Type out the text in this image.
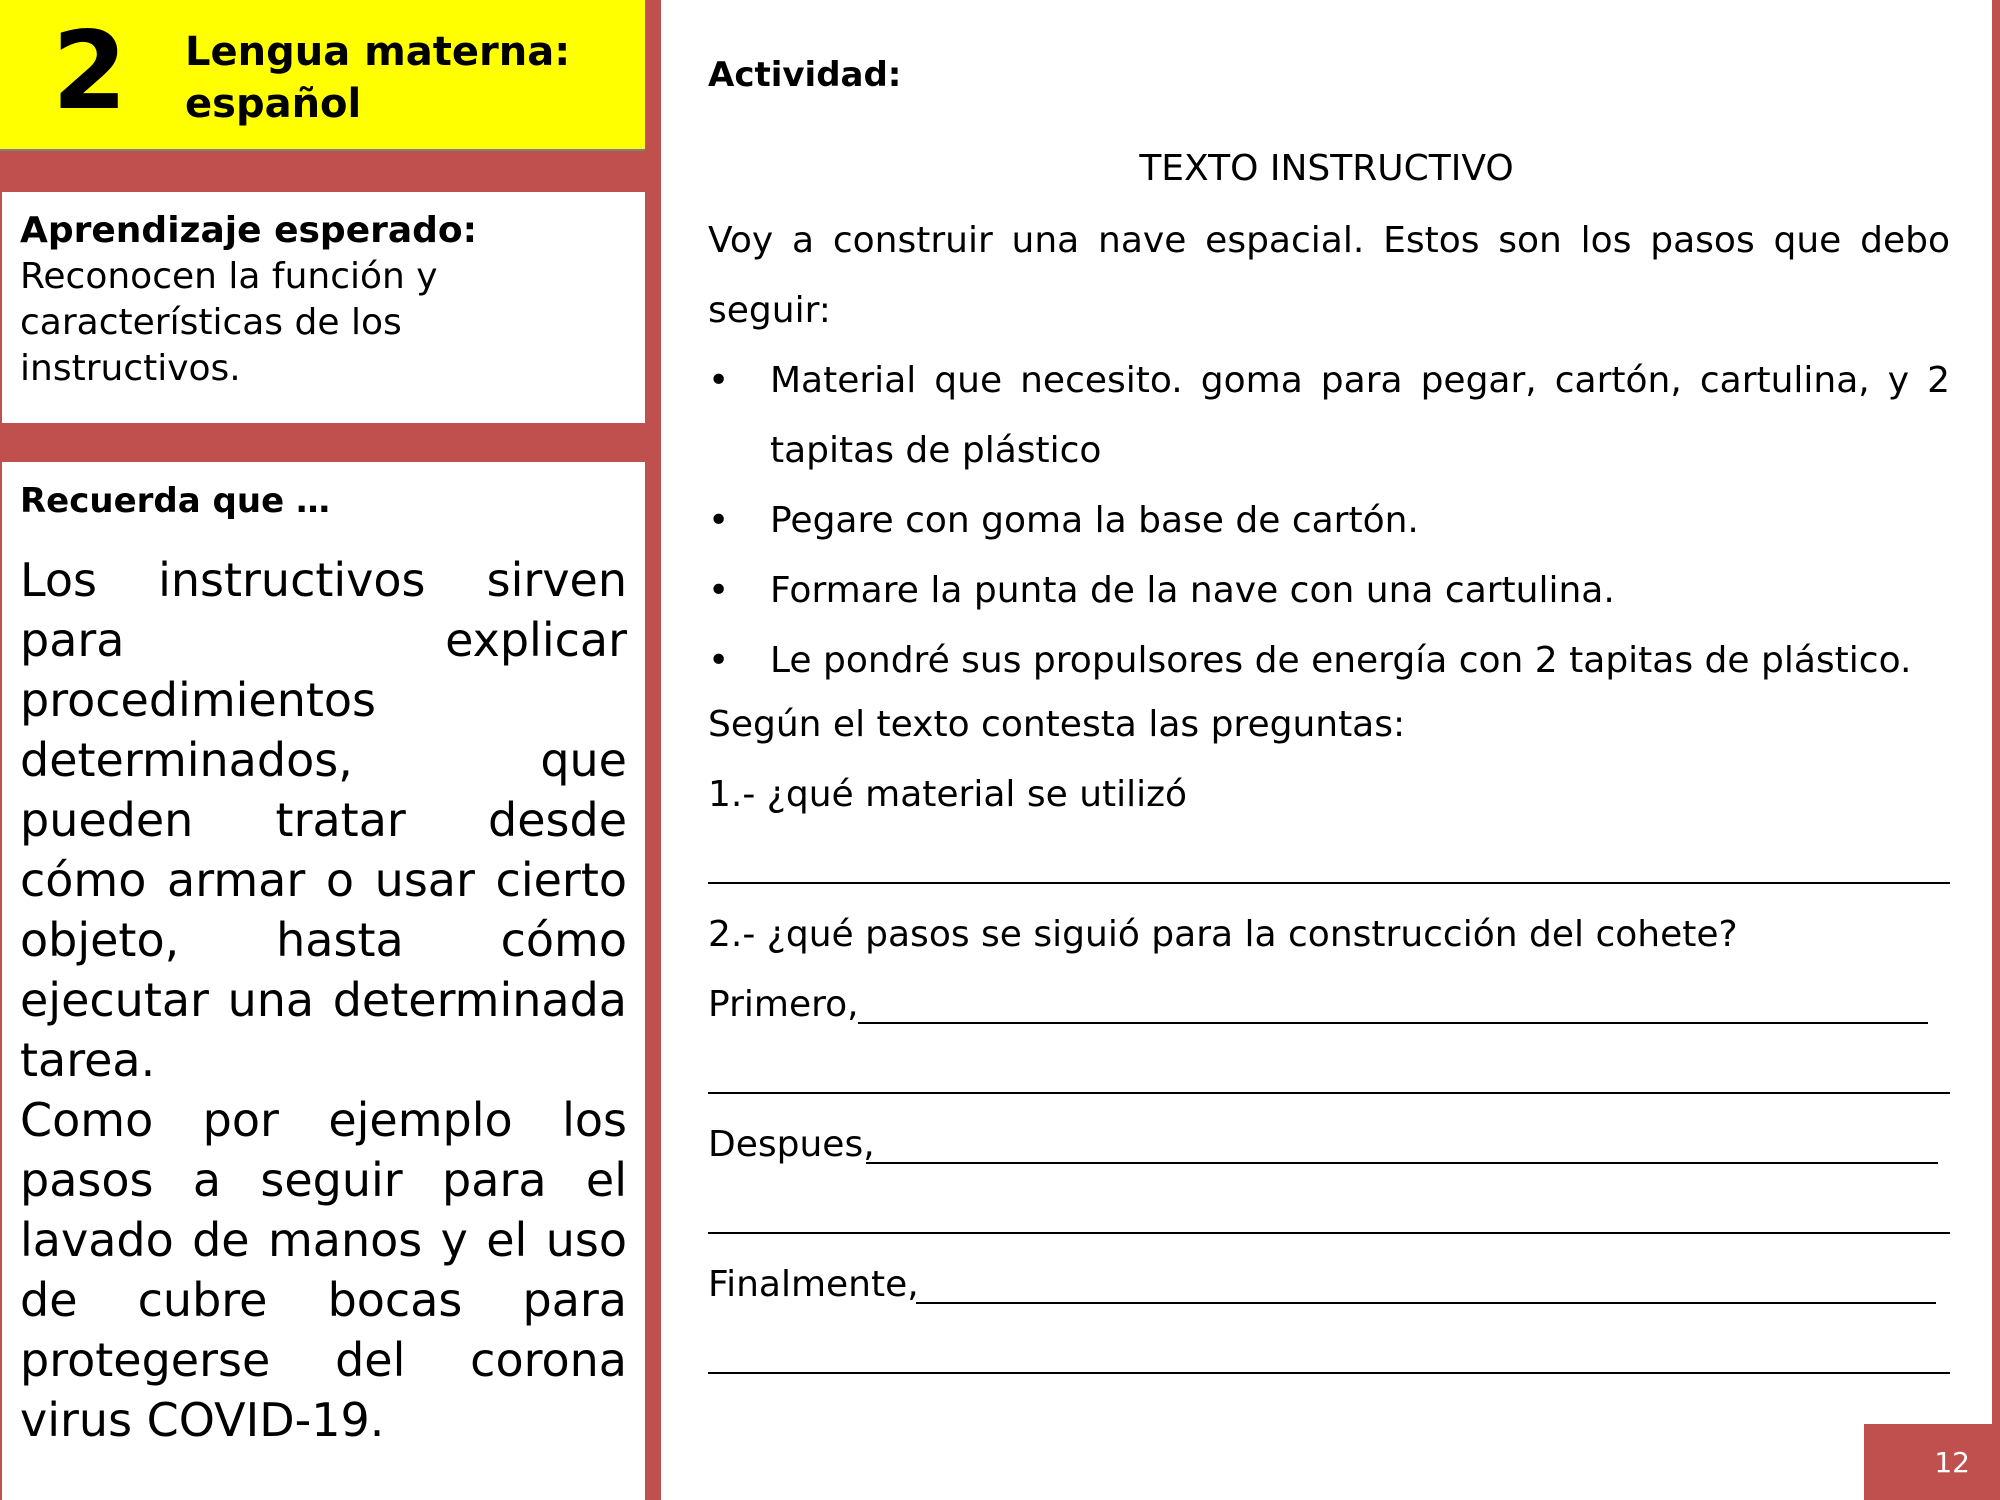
2 Lengua materna:
español
Aprendizaje esperado:
Reconocen la función y características de los instructivos.
Recuerda que …
Los instructivos sirven para explicar procedimientos determinados, que pueden tratar desde cómo armar o usar cierto objeto, hasta cómo ejecutar una determinada tarea.
Como por ejemplo los pasos a seguir para el lavado de manos y el uso de cubre bocas para protegerse del corona virus COVID-19.
Actividad:
TEXTO INSTRUCTIVO
Voy a construir una nave espacial. Estos son los pasos que debo seguir:
• Material que necesito. goma para pegar, cartón, cartulina, y 2 tapitas de plástico
• Pegare con goma la base de cartón.
• Formare la punta de la nave con una cartulina.
• Le pondré sus propulsores de energía con 2 tapitas de plástico.
Según el texto contesta las preguntas:
1.- ¿qué material se utilizó
2.- ¿qué pasos se siguió para la construcción del cohete?
Primero,
Despues,
Finalmente,
12
